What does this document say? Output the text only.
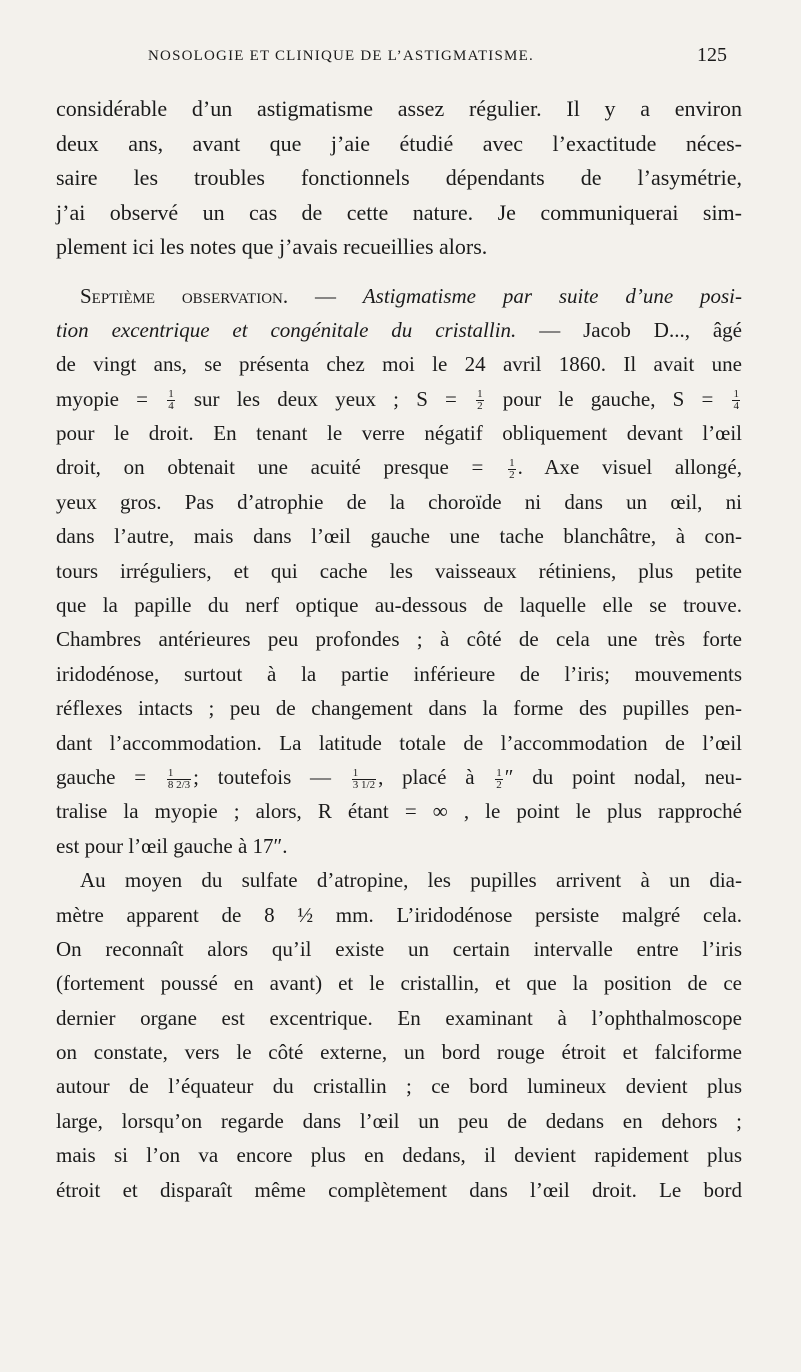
NOSOLOGIE ET CLINIQUE DE L’ASTIGMATISME.	125
considérable d’un astigmatisme assez régulier. Il y a environ
deux ans, avant que j’aie étudié avec l’exactitude néces-
saire les troubles fonctionnels dépendants de l’asymétrie,
j’ai observé un cas de cette nature. Je communiquerai sim-
plement ici les notes que j’avais recueillies alors.
Septième observation. — Astigmatisme par suite d’une posi-
tion excentrique et congénitale du cristallin. — Jacob D..., âgé
de vingt ans, se présenta chez moi le 24 avril 1860. Il avait une
myopie = $\frac{1}{4}$ sur les deux yeux ; $S = \frac{1}{2}$ pour le gauche, $S = \frac{1}{4}$
pour le droit. En tenant le verre négatif obliquement devant l’œil
droit, on obtenait une acuité presque = $\frac{1}{2}$ . Axe visuel allongé,
yeux gros. Pas d’atrophie de la choroïde ni dans un œil, ni
dans l’autre, mais dans l’œil gauche une tache blanchâtre, à con-
tours irréguliers, et qui cache les vaisseaux rétiniens, plus petite
que la papille du nerf optique au-dessous de laquelle elle se trouve.
Chambres antérieures peu profondes ; à côté de cela une très forte
iridodénose, surtout à la partie inférieure de l’iris; mouvements
réflexes intacts ; peu de changement dans la forme des pupilles pen-
dant l’accommodation. La latitude totale de l’accommodation de l’œil
gauche = $\frac{1}{8 2/3}$ ; toutefois — $\frac{1}{3 1/2}$ , placé à $\frac{1}{2}$ ″ du point nodal, neu-
tralise la myopie ; alors, R étant = ∞ , le point le plus rapproché
est pour l’œil gauche à 17″.
Au moyen du sulfate d’atropine, les pupilles arrivent à un dia-
mètre apparent de 8 ½ mm. L’iridodénose persiste malgré cela.
On reconnaît alors qu’il existe un certain intervalle entre l’iris
(fortement poussé en avant) et le cristallin, et que la position de ce
dernier organe est excentrique. En examinant à l’ophthalmoscope
on constate, vers le côté externe, un bord rouge étroit et falciforme
autour de l’équateur du cristallin ; ce bord lumineux devient plus
large, lorsqu’on regarde dans l’œil un peu de dedans en dehors ;
mais si l’on va encore plus en dedans, il devient rapidement plus
étroit et disparaît même complètement dans l’œil droit. Le bord
